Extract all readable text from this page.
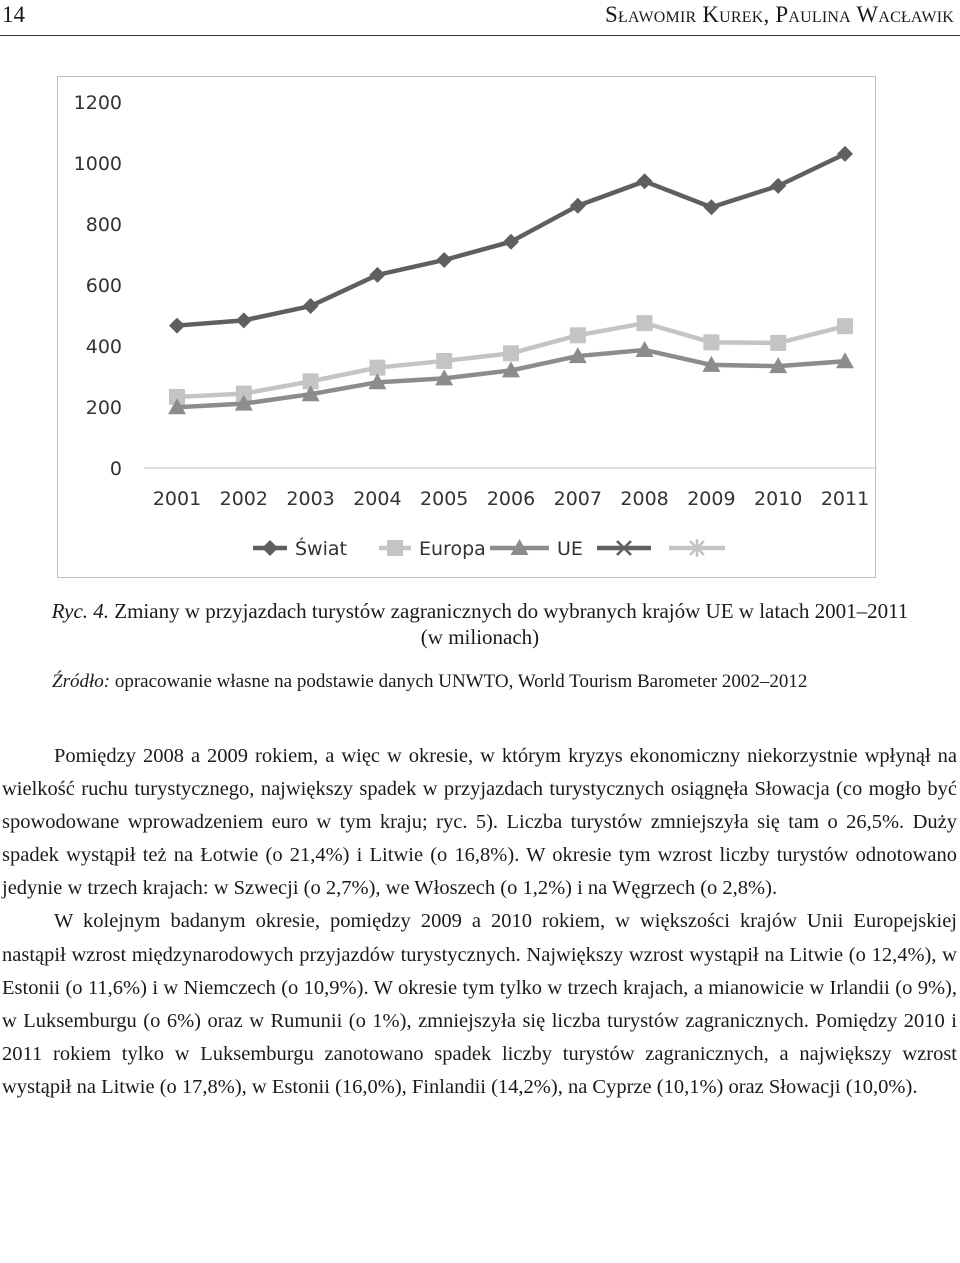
14	Sławomir Kurek, Paulina Wacławik
0
200
400
600
800
1000
1200
2001 2002 2003 2004 2005 2006 2007 2008 2009 2010 2011
Świat	Europa	UE
Ryc. 4. Zmiany w przyjazdach turystów zagranicznych do wybranych krajów UE w latach 2001–2011
(w milionach)
Źródło: opracowanie własne na podstawie danych UNWTO, World Tourism Barometer 2002–2012

Pomiędzy 2008 a 2009 rokiem, a więc w okresie, w którym kryzys ekonomiczny niekorzystnie wpłynął na wielkość ruchu turystycznego, największy spadek w przyjazdach turystycznych osiągnęła Słowacja (co mogło być spowodowane wprowadzeniem euro w tym kraju; ryc. 5). Liczba turystów zmniejszyła się tam o 26,5%. Duży spadek wystąpił też na Łotwie (o 21,4%) i Litwie (o 16,8%). W okresie tym wzrost liczby turystów odnotowano jedynie w trzech krajach: w Szwecji (o 2,7%), we Włoszech (o 1,2%) i na Węgrzech (o 2,8%).

W kolejnym badanym okresie, pomiędzy 2009 a 2010 rokiem, w większości krajów Unii Europejskiej nastąpił wzrost międzynarodowych przyjazdów turystycznych. Największy wzrost wystąpił na Litwie (o 12,4%), w Estonii (o 11,6%) i w Niemczech (o 10,9%). W okresie tym tylko w trzech krajach, a mianowicie w Irlandii (o 9%), w Luksemburgu (o 6%) oraz w Rumunii (o 1%), zmniejszyła się liczba turystów zagranicznych. Pomiędzy 2010 i 2011 rokiem tylko w Luksemburgu zanotowano spadek liczby turystów zagranicznych, a największy wzrost wystąpił na Litwie (o 17,8%), w Estonii (16,0%), Finlandii (14,2%), na Cyprze (10,1%) oraz Słowacji (10,0%).
